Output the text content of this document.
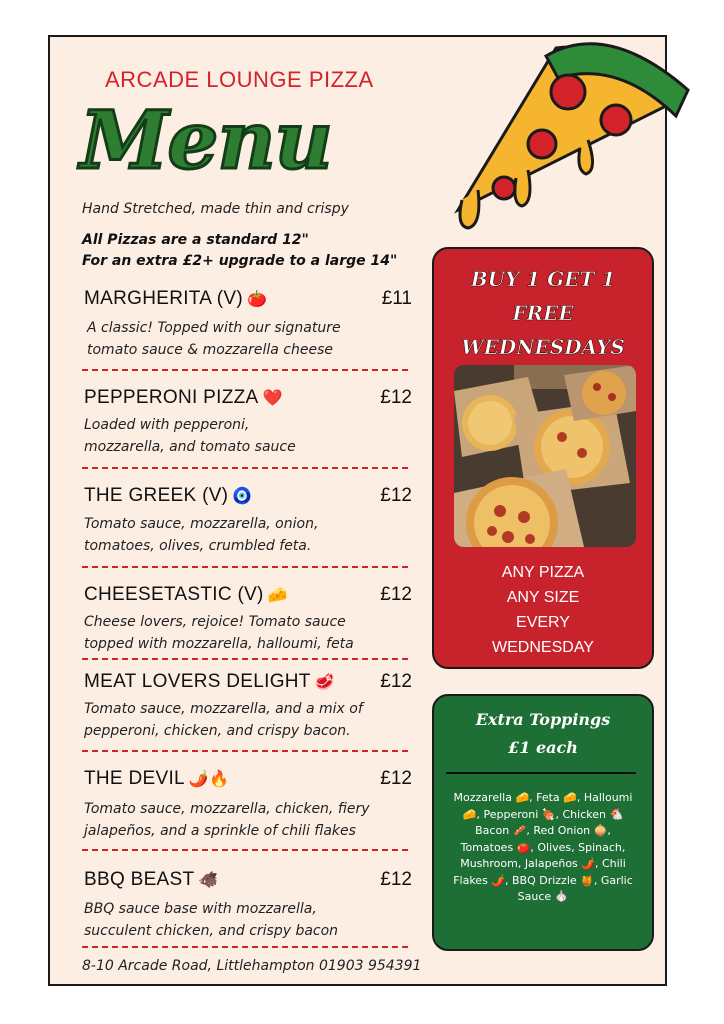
ARCADE LOUNGE PIZZA
Menu
Hand Stretched, made thin and crispy
All Pizzas are a standard 12"
For an extra £2+ upgrade to a large 14"
MARGHERITA (V) 🍅	£11
A classic! Topped with our signature
tomato sauce & mozzarella cheese
PEPPERONI PIZZA ❤️	£12
Loaded with pepperoni,
mozzarella, and tomato sauce
THE GREEK (V) 🧿	£12
Tomato sauce, mozzarella, onion,
tomatoes, olives, crumbled feta.
CHEESETASTIC (V) 🧀	£12
Cheese lovers, rejoice! Tomato sauce
topped with mozzarella, halloumi, feta
MEAT LOVERS DELIGHT 🥩 £12
Tomato sauce, mozzarella, and a mix of
pepperoni, chicken, and crispy bacon.
THE DEVIL 🌶️🔥	£12
Tomato sauce, mozzarella, chicken, fiery
jalapeños, and a sprinkle of chili flakes
BBQ BEAST 🐗	£12
BBQ sauce base with mozzarella,
succulent chicken, and crispy bacon
BUY 1 GET 1
FREE
WEDNESDAYS
ANY PIZZA
ANY SIZE
EVERY
WEDNESDAY
Extra Toppings
£1 each
Mozzarella 🧀, Feta 🧀, Halloumi 🧀, Pepperoni 🍖, Chicken 🐔 Bacon 🥓, Red Onion 🧅, Tomatoes 🍅, Olives, Spinach, Mushroom, Jalapeños 🌶️, Chili Flakes 🌶️, BBQ Drizzle 🍯, Garlic Sauce 🧄
8-10 Arcade Road, Littlehampton 01903 954391
